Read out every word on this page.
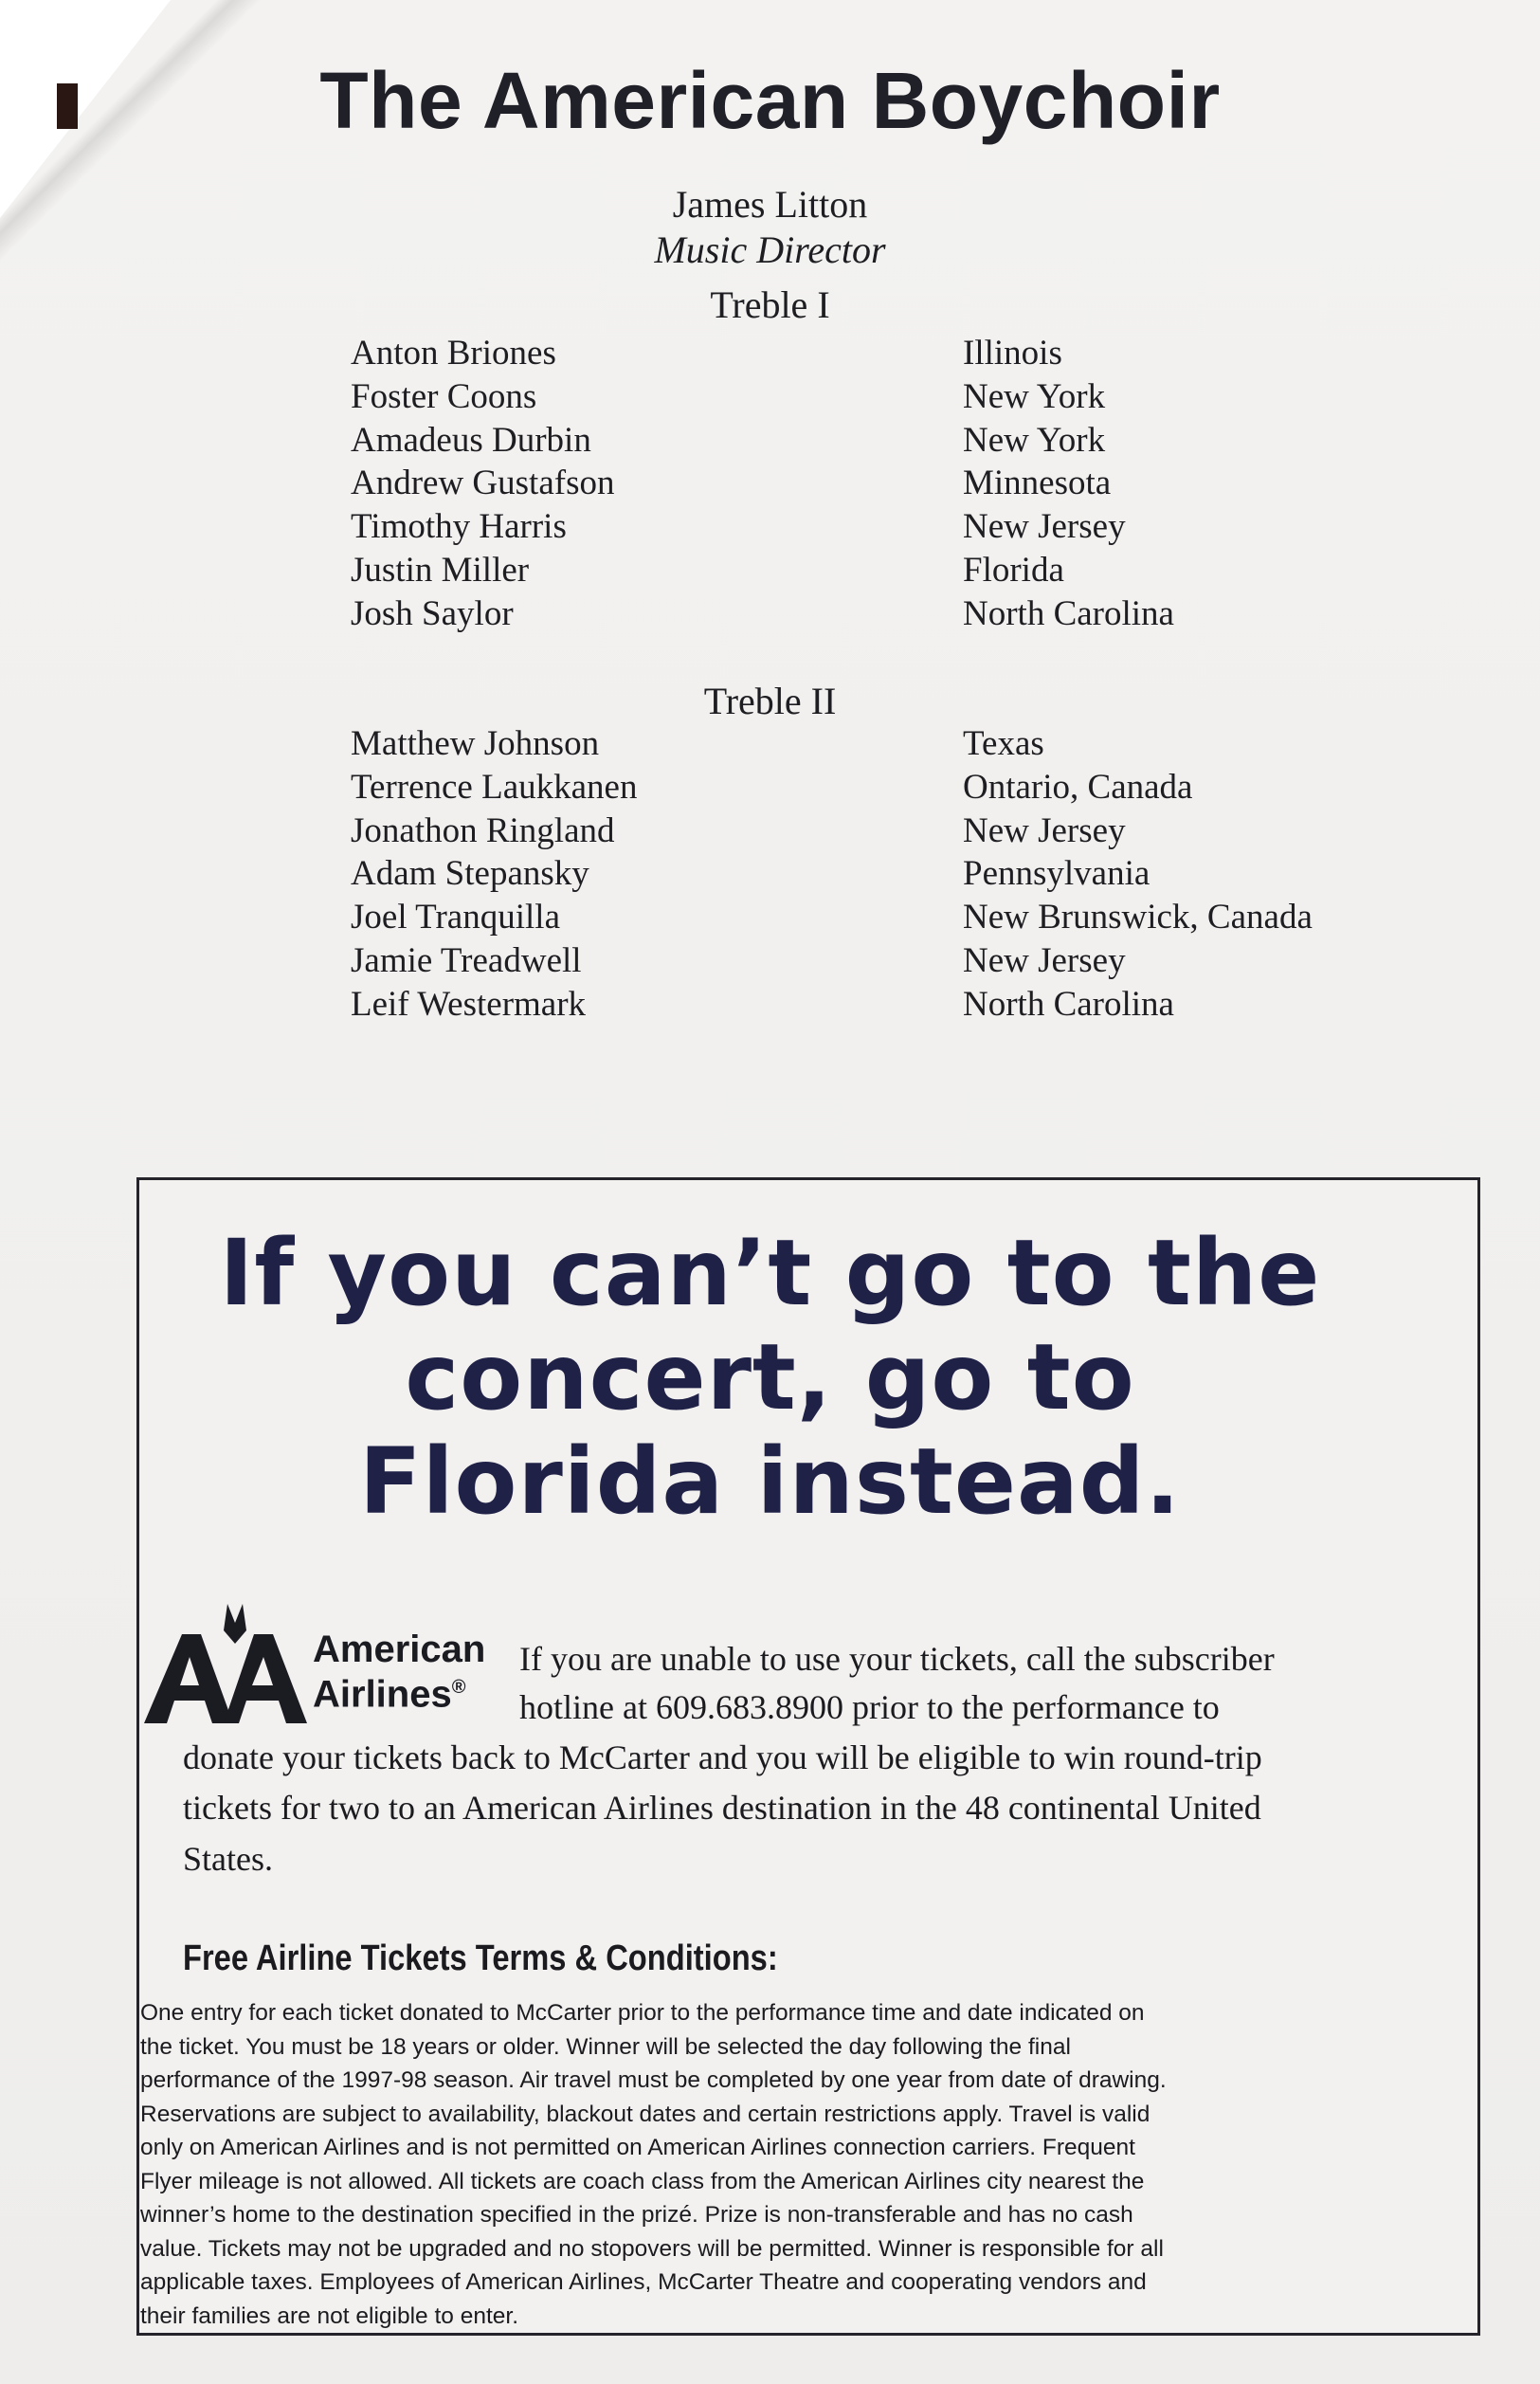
The American Boychoir
James Litton
Music Director
Treble I
Anton Briones	Illinois
Foster Coons	New York
Amadeus Durbin	New York
Andrew Gustafson	Minnesota
Timothy Harris	New Jersey
Justin Miller	Florida
Josh Saylor	North Carolina
Treble II
Matthew Johnson	Texas
Terrence Laukkanen	Ontario, Canada
Jonathon Ringland	New Jersey
Adam Stepansky	Pennsylvania
Joel Tranquilla	New Brunswick, Canada
Jamie Treadwell	New Jersey
Leif Westermark	North Carolina
If you can’t go to the
concert, go to
Florida instead.
American
Airlines®
If you are unable to use your tickets, call the subscriber
hotline at 609.683.8900 prior to the performance to
donate your tickets back to McCarter and you will be eligible to win round-trip
tickets for two to an American Airlines destination in the 48 continental United
States.
Free Airline Tickets Terms & Conditions:
One entry for each ticket donated to McCarter prior to the performance time and date indicated on
the ticket. You must be 18 years or older. Winner will be selected the day following the final
performance of the 1997-98 season. Air travel must be completed by one year from date of drawing.
Reservations are subject to availability, blackout dates and certain restrictions apply. Travel is valid
only on American Airlines and is not permitted on American Airlines connection carriers. Frequent
Flyer mileage is not allowed. All tickets are coach class from the American Airlines city nearest the
winner’s home to the destination specified in the prizé. Prize is non-transferable and has no cash
value. Tickets may not be upgraded and no stopovers will be permitted. Winner is responsible for all
applicable taxes. Employees of American Airlines, McCarter Theatre and cooperating vendors and
their families are not eligible to enter.
